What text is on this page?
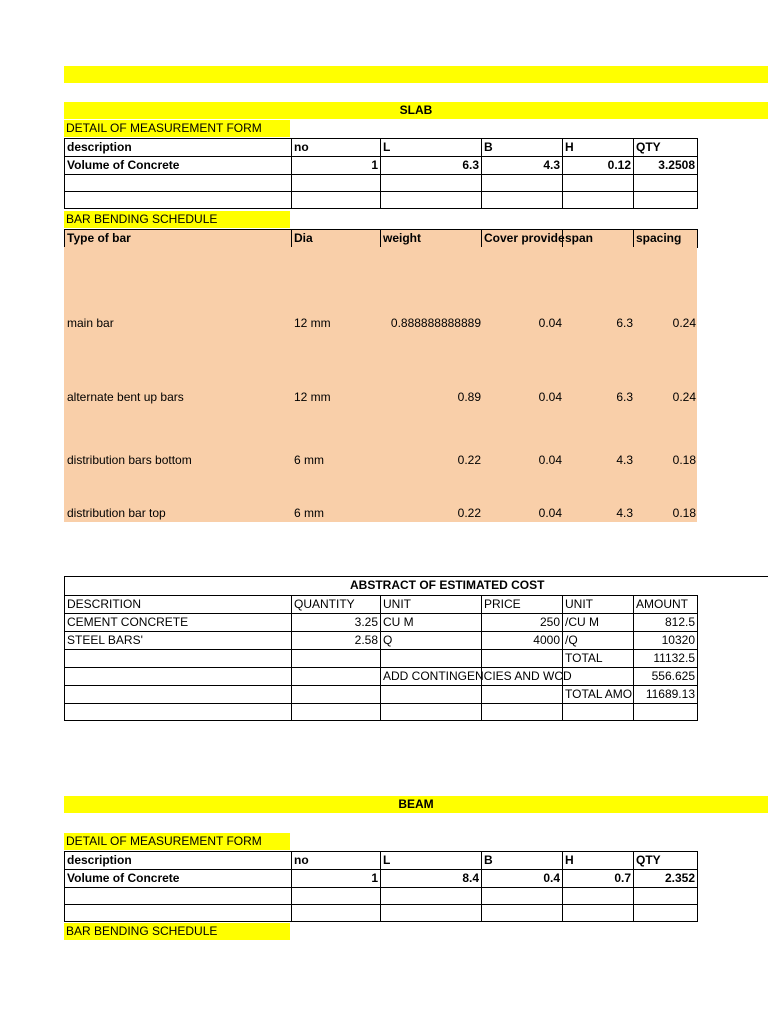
SLAB
DETAIL OF MEASUREMENT FORM
description	no	L	B	H	QTY
Volume of Concrete	1	6.3	4.3	0.12	3.2508

BAR BENDING SCHEDULE
Type of bar	Dia	weight	Cover provide	span	spacing
main bar	12 mm	0.888888888889	0.04	6.3	0.24
alternate bent up bars	12 mm	0.89	0.04	6.3	0.24
distribution bars bottom	6 mm	0.22	0.04	4.3	0.18
distribution bar top	6 mm	0.22	0.04	4.3	0.18
ABSTRACT OF ESTIMATED COST
DESCRITION	QUANTITY	UNIT	PRICE	UNIT	AMOUNT
CEMENT CONCRETE	3.25	CU M	250	/CU M	812.5
STEEL BARS'	2.58	Q	4000	/Q	10320
				TOTAL	11132.5

		ADD CONTINGENCIES AND WCD			556.625
				TOTAL AMO	11689.13

BEAM
DETAIL OF MEASUREMENT FORM
description	no	L	B	H	QTY
Volume of Concrete	1	8.4	0.4	0.7	2.352

BAR BENDING SCHEDULE
